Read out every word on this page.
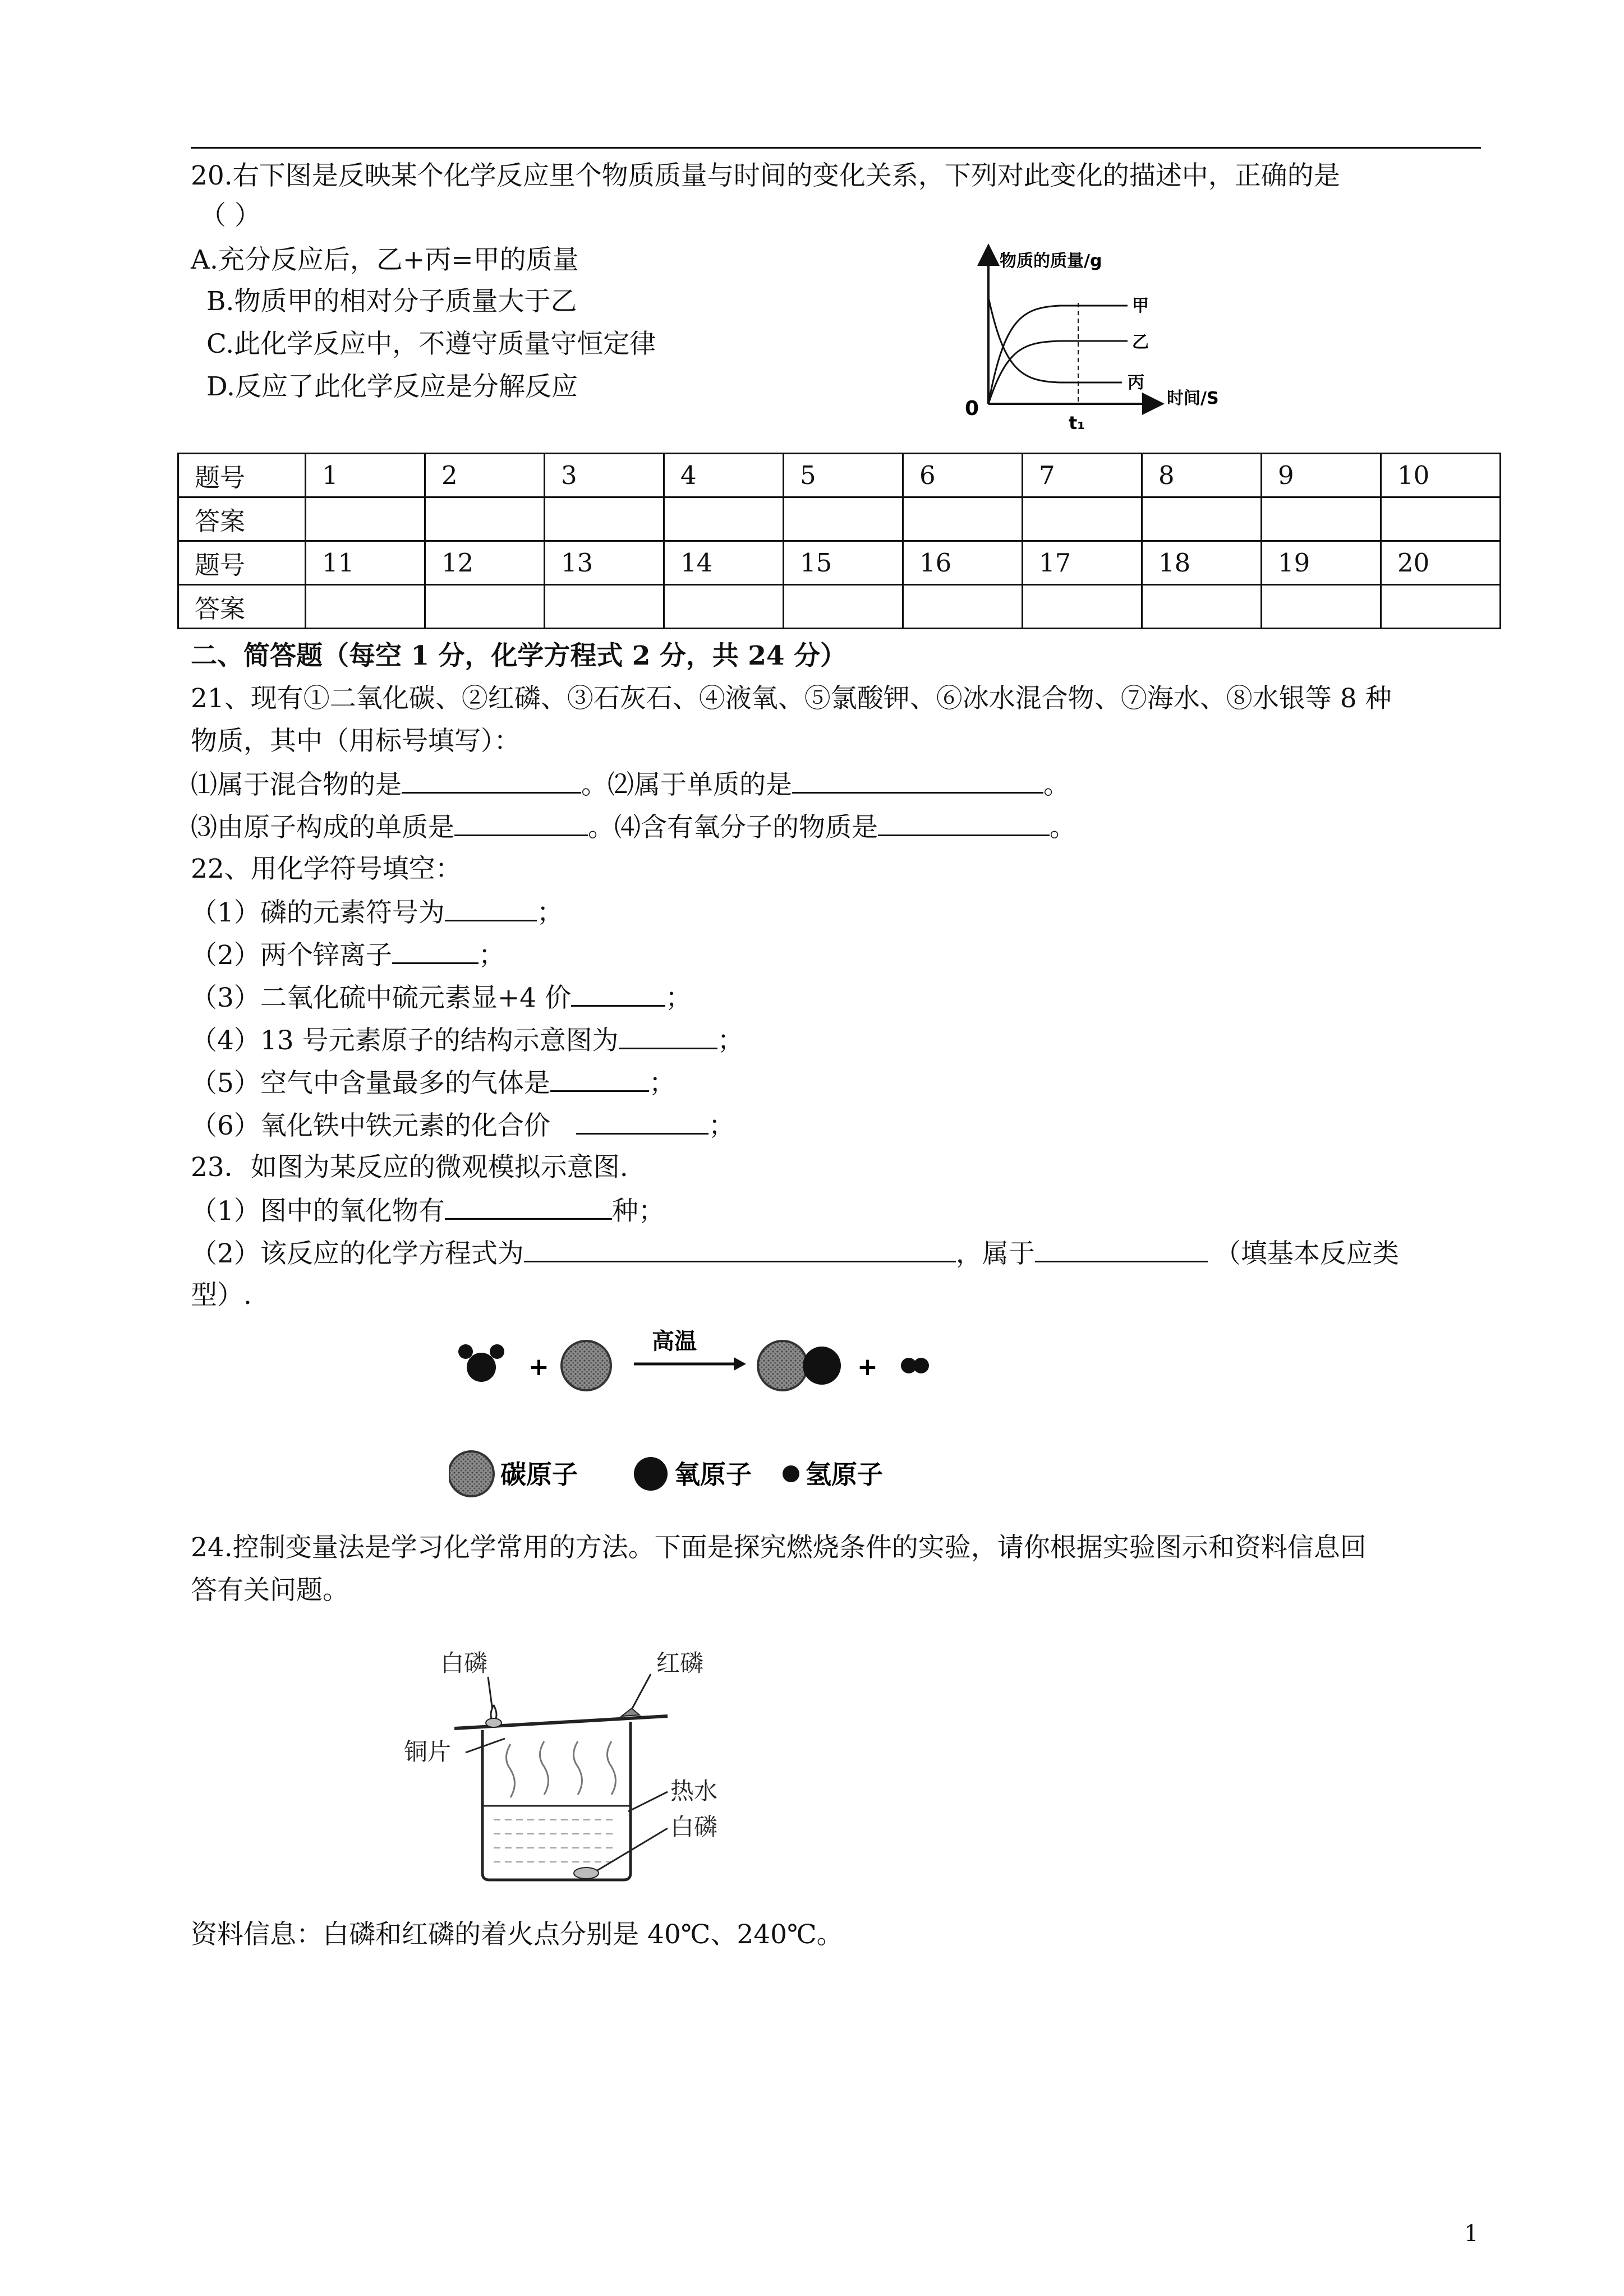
20.右下图是反映某个化学反应里个物质质量与时间的变化关系，下列对此变化的描述中，正确的是
（ ）
A.充分反应后，乙+丙=甲的质量
B.物质甲的相对分子质量大于乙
C.此化学反应中，不遵守质量守恒定律
D.反应了此化学反应是分解反应
物质的质量/g
时间/S
0
t₁
甲
乙
丙
题号	1	2	3	4	5	6	7	8	9	10
答案										
题号	11	12	13	14	15	16	17	18	19	20
答案										
二、简答题（每空 1 分，化学方程式 2 分，共 24 分）
21、现有①二氧化碳、②红磷、③石灰石、④液氧、⑤氯酸钾、⑥冰水混合物、⑦海水、⑧水银等 8 种
物质，其中（用标号填写）：
⑴属于混合物的是	。⑵属于单质的是	。
⑶由原子构成的单质是	。⑷含有氧分子的物质是	。
22、用化学符号填空：
（1）磷的元素符号为	；
（2）两个锌离子	；
（3）二氧化硫中硫元素显+4 价	；
（4）13 号元素原子的结构示意图为	；
（5）空气中含量最多的气体是	；
（6）氧化铁中铁元素的化合价	；
23．如图为某反应的微观模拟示意图.
（1）图中的氧化物有	种；
（2）该反应的化学方程式为	，属于	（填基本反应类
型）.
+
高温
+
碳原子	氧原子 氢原子
24.控制变量法是学习化学常用的方法。下面是探究燃烧条件的实验，请你根据实验图示和资料信息回
答有关问题。
白磷	红磷
铜片
热水
白磷
资料信息：白磷和红磷的着火点分别是 40℃、240℃。
1
